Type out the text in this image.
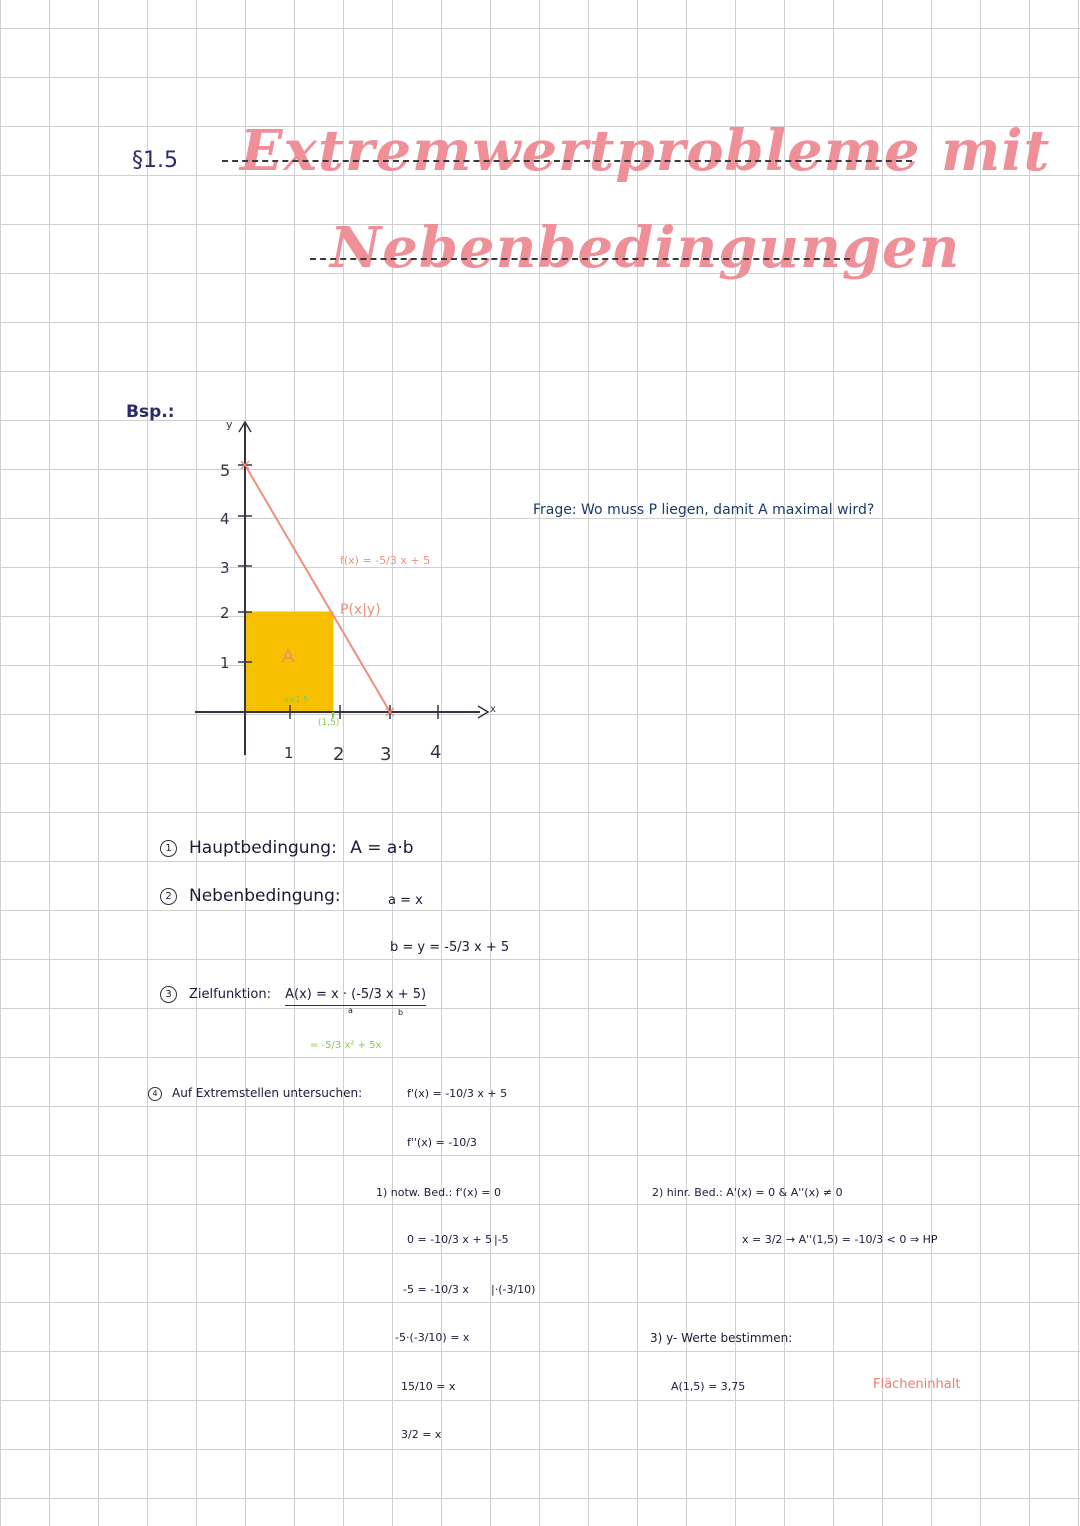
§1.5 Extremwertprobleme mit
Nebenbedingungen
Bsp.:
y
x
5
4
3
2
1
1 2 3 4
x=1,5
(1,5)
A
P(x|y)
f(x) = -5/3 x + 5
Frage: Wo muss P liegen, damit A maximal wird?
1 Hauptbedingung: A = a·b
2 Nebenbedingung:	a = x
b = y = -5/3 x + 5
3 Zielfunktion: A(x) = x · (-5/3 x + 5)
a	b
= -5/3 x² + 5x
4 Auf Extremstellen untersuchen:	f'(x) = -10/3 x + 5
f''(x) = -10/3
1) notw. Bed.: f'(x) = 0
0 = -10/3 x + 5 |-5
-5 = -10/3 x |·(-3/10)
-5·(-3/10) = x
15/10 = x
3/2 = x
2) hinr. Bed.: A'(x) = 0 & A''(x) ≠ 0
x = 3/2 → A''(1,5) = -10/3 < 0 ⇒ HP
3) y- Werte bestimmen:
A(1,5) = 3,75	Flächeninhalt
